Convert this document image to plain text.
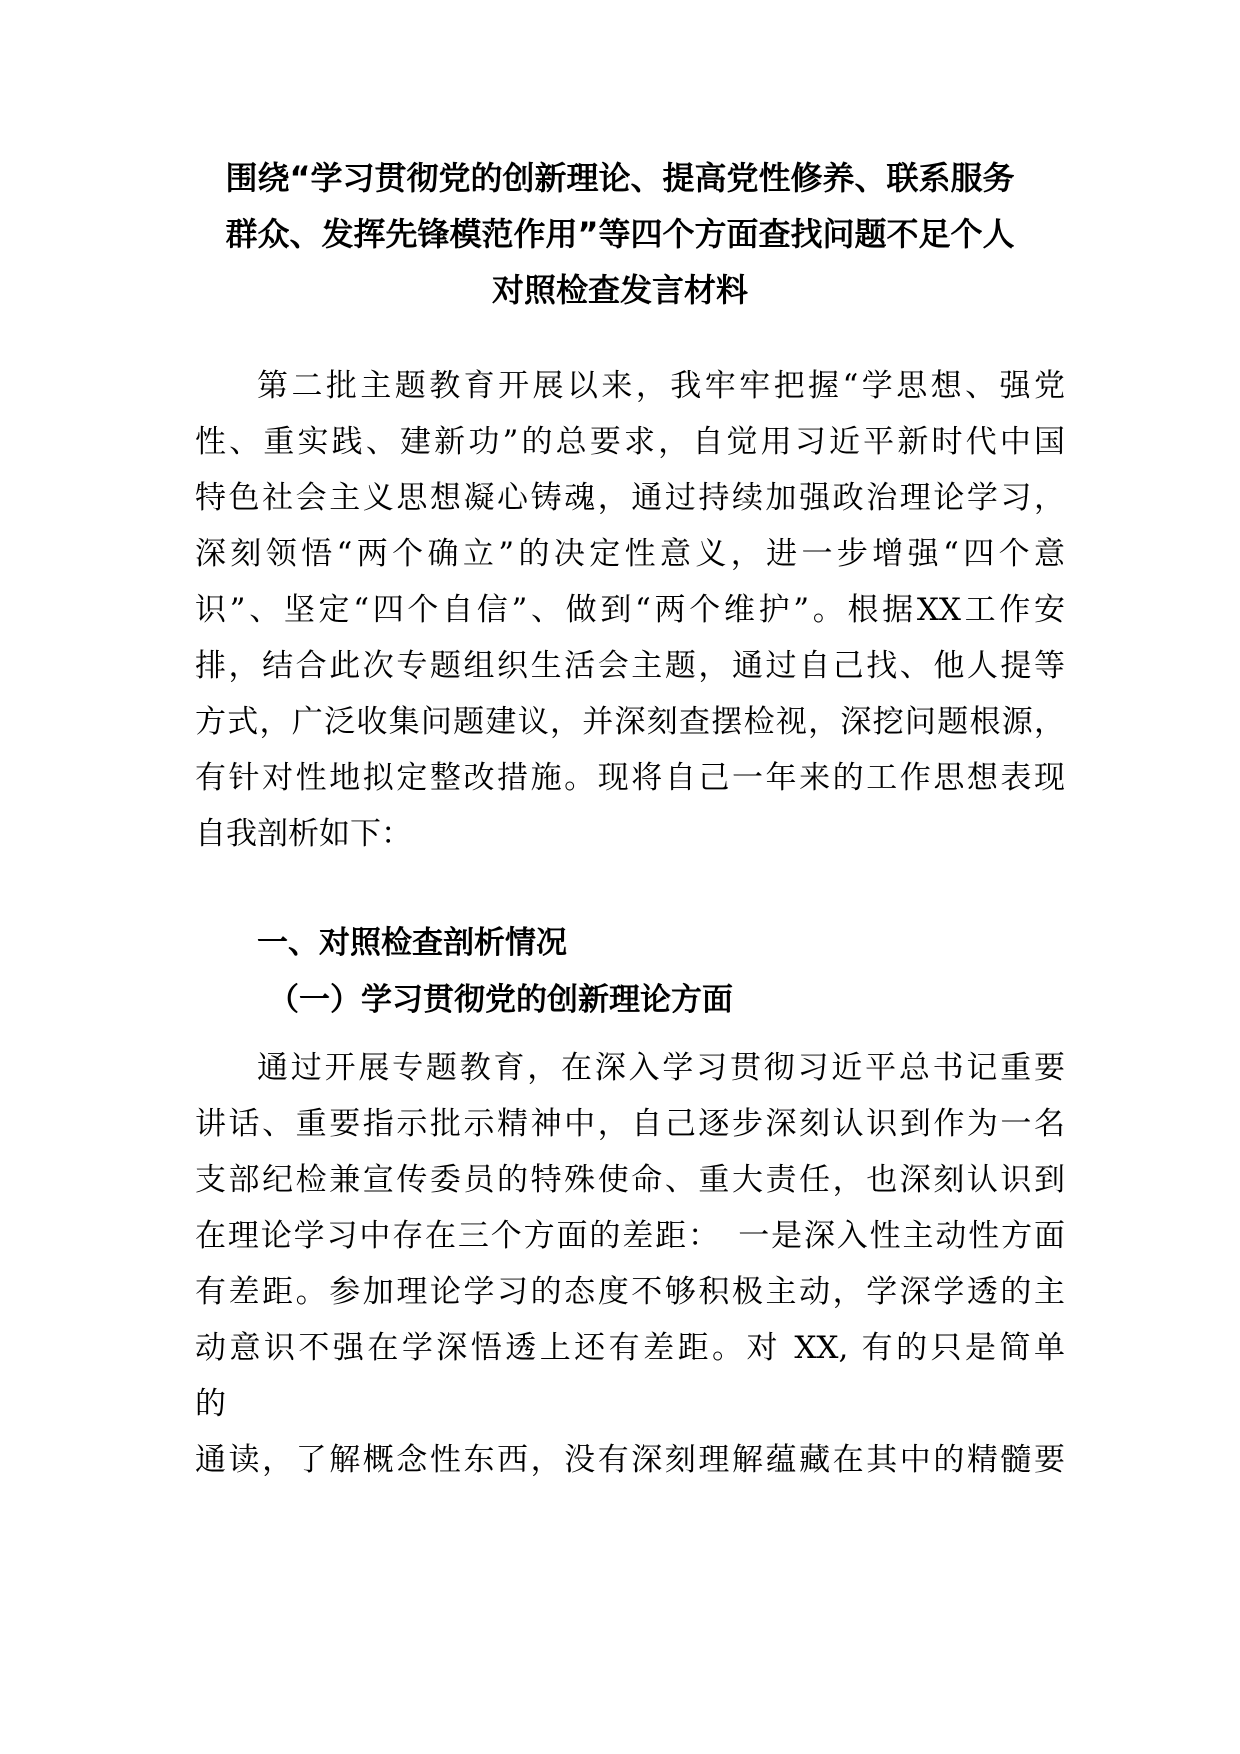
围绕“学习贯彻党的创新理论、提高党性修养、联系服务
群众、发挥先锋模范作用”等四个方面查找问题不足个人
对照检查发言材料
第二批主题教育开展以来，我牢牢把握“学思想、强党
性、重实践、建新功”的总要求，自觉用习近平新时代中国
特色社会主义思想凝心铸魂，通过持续加强政治理论学习，
深刻领悟“两个确立”的决定性意义，进一步增强“四个意
识”、坚定“四个自信”、做到“两个维护”。根据XX工作安
排，结合此次专题组织生活会主题，通过自己找、他人提等
方式，广泛收集问题建议，并深刻查摆检视，深挖问题根源，
有针对性地拟定整改措施。现将自己一年来的工作思想表现
自我剖析如下：
一、对照检查剖析情况
（一）学习贯彻党的创新理论方面
通过开展专题教育，在深入学习贯彻习近平总书记重要
讲话、重要指示批示精神中，自己逐步深刻认识到作为一名
支部纪检兼宣传委员的特殊使命、重大责任，也深刻认识到
在理论学习中存在三个方面的差距：　一是深入性主动性方面
有差距。参加理论学习的态度不够积极主动，学深学透的主
动意识不强在学深悟透上还有差距。对 XX, 有的只是简单
的
通读，了解概念性东西，没有深刻理解蕴藏在其中的精髓要
